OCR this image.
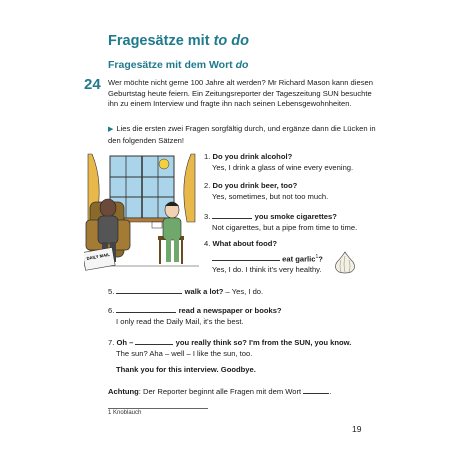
Fragesätze mit to do
Fragesätze mit dem Wort do
24 Wer möchte nicht gerne 100 Jahre alt werden? Mr Richard Mason kann diesen Geburtstag heute feiern. Ein Zeitungsreporter der Tageszeitung SUN besuchte ihn zu einem Interview und fragte ihn nach seinen Lebensgewohnheiten.
▶ Lies die ersten zwei Fragen sorgfältig durch, und ergänze dann die Lücken in den folgenden Sätzen!
DAILY MAIL
1. Do you drink alcohol?
Yes, I drink a glass of wine every evening.
2. Do you drink beer, too?
Yes, sometimes, but not too much.
3.	you smoke cigarettes?
Not cigarettes, but a pipe from time to time.
4. What about food?
eat garlic$^1$?
Yes, I do. I think it's very healthy.
5.	walk a lot? – Yes, I do.
6.	read a newspaper or books?
I only read the Daily Mail, it's the best.
7. Oh –	you really think so? I'm from the SUN, you know.
The sun? Aha – well – I like the sun, too.
Thank you for this interview. Goodbye.
Achtung: Der Reporter beginnt alle Fragen mit dem Wort	.
1 Knoblauch
19
